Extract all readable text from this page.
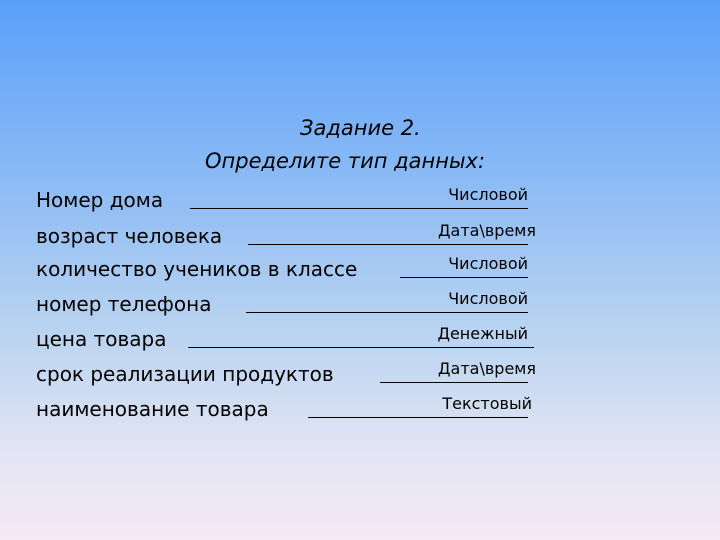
Задание 2.
Определите тип данных:
Номер дома	Числовой
возраст человека	Дата\время
количество учеников в классе	Числовой
номер телефона	Числовой
цена товара	Денежный
срок реализации продуктов	Дата\время
наименование товара	Текстовый
